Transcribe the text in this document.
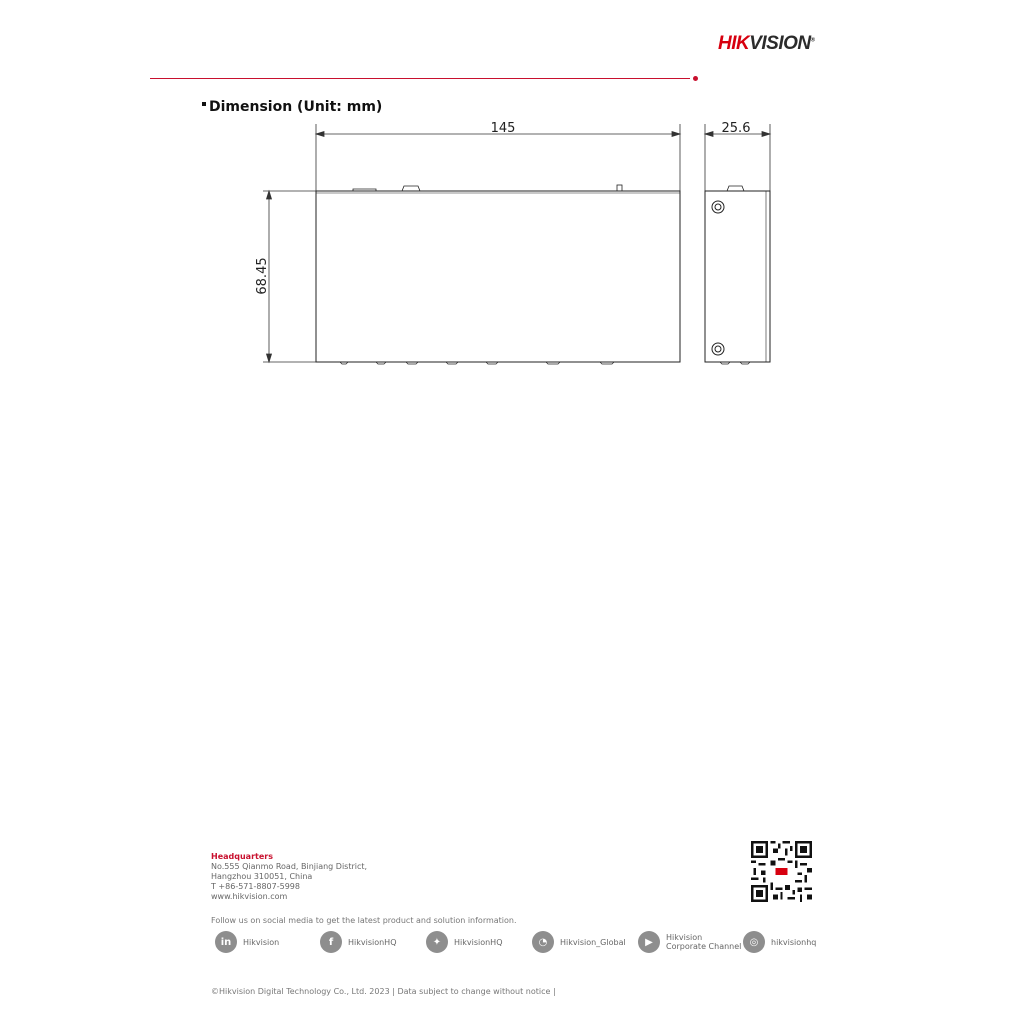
HIKVISION®
Dimension (Unit: mm)
145
68.45
25.6
Headquarters
No.555 Qianmo Road, Binjiang District,
Hangzhou 310051, China
T +86-571-8807-5998
www.hikvision.com
Follow us on social media to get the latest product and solution information.
in	Hikvision	f	HikvisionHQ	✦	HikvisionHQ	◔	Hikvision_Global	▶	Hikvision
Corporate Channel ◎	hikvisionhq
©Hikvision Digital Technology Co., Ltd. 2023 | Data subject to change without notice |
